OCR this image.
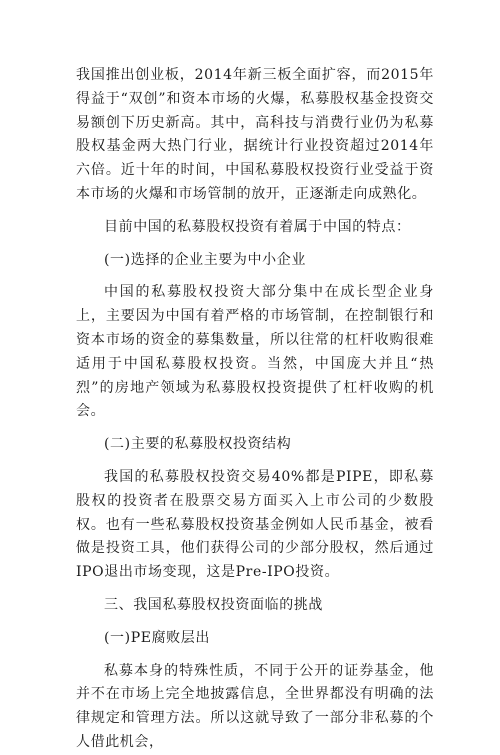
我国推出创业板，2014年新三板全面扩容，而2015年得益于“双创”和资本市场的火爆，私募股权基金投资交易额创下历史新高。其中，高科技与消费行业仍为私募股权基金两大热门行业，据统计行业投资超过2014年六倍。近十年的时间，中国私募股权投资行业受益于资本市场的火爆和市场管制的放开，正逐渐走向成熟化。

目前中国的私募股权投资有着属于中国的特点：

(一)选择的企业主要为中小企业

中国的私募股权投资大部分集中在成长型企业身上，主要因为中国有着严格的市场管制，在控制银行和资本市场的资金的募集数量，所以往常的杠杆收购很难适用于中国私募股权投资。当然，中国庞大并且“热烈”的房地产领域为私募股权投资提供了杠杆收购的机会。

(二)主要的私募股权投资结构

我国的私募股权投资交易40%都是PIPE，即私募股权的投资者在股票交易方面买入上市公司的少数股权。也有一些私募股权投资基金例如人民币基金，被看做是投资工具，他们获得公司的少部分股权，然后通过IPO退出市场变现，这是Pre-IPO投资。

三、我国私募股权投资面临的挑战

(一)PE腐败层出

私募本身的特殊性质，不同于公开的证券基金，他并不在市场上完全地披露信息，全世界都没有明确的法律规定和管理方法。所以这就导致了一部分非私募的个人借此机会，
